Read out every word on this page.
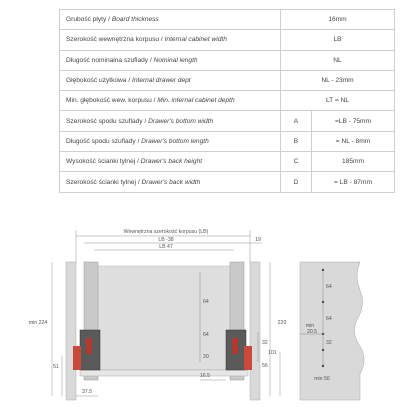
Grubość płyty / Board thickness	16mm	
Szerokość wewnętrzna korpusu / Internal cabinet width	LB	
Długość nominalna szuflady / Nominal length	NL	
Głębokość użytkowa / Internal drawer dept	NL - 23mm	
Min. głębokość wew. korpusu / Min. internal cabinet depth	LT = NL	
Szerokość spodu szuflady / Drawer's bottom width	A	=LB - 75mm
Długość spodu szuflady / Drawer's bottom length	B	= NL - 8mm
Wysokość ścianki tylnej / Drawer's back height	C	185mm
Szerokość ścianki tylnej / Drawer's back width	D	= LB - 87mm
Wewnętrzna szerokość korpusu (LB)
LB -38
LB 47
19
min 224	220
64
64
20
32
101
56
51
37.5
16.5
64
64
min
20.5
32
min 56
